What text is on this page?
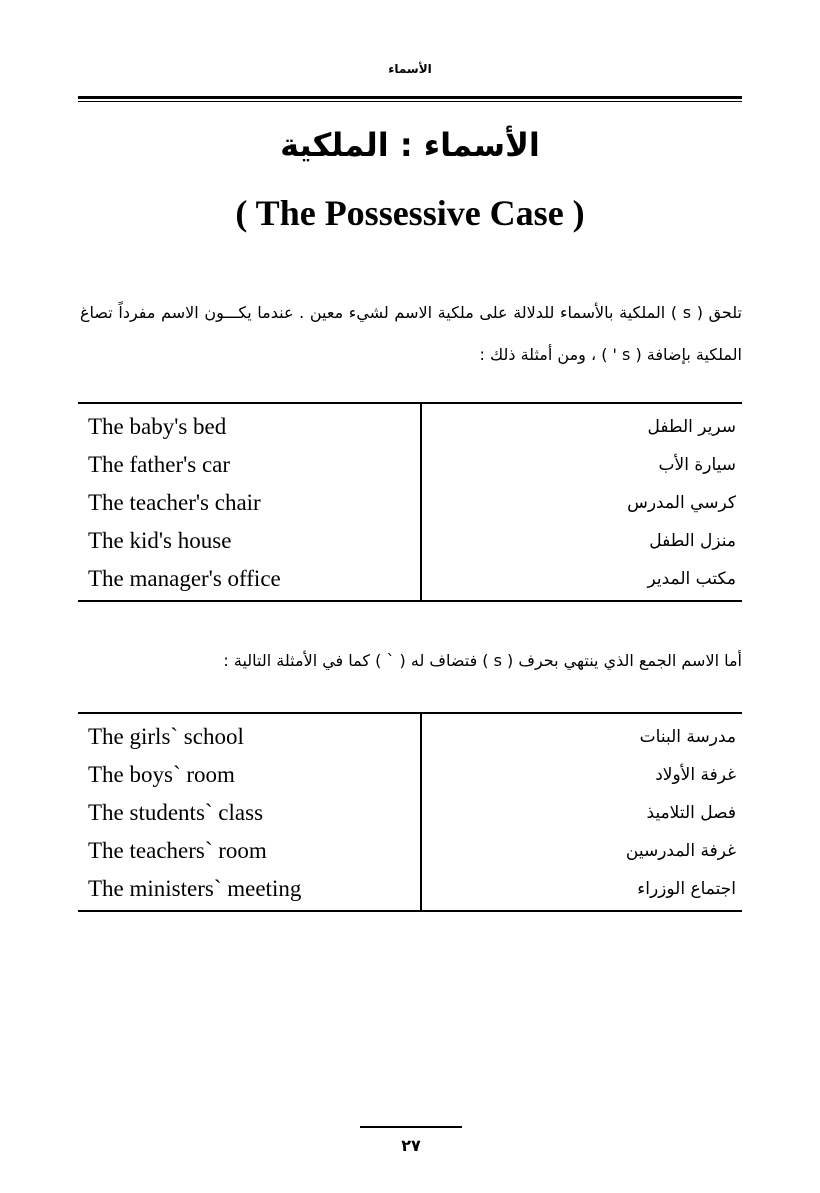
الأسماء
الأسماء : الملكية
( The Possessive Case )
تلحق ( s ) الملكية بالأسماء للدلالة على ملكية الاسم لشيء معين . عندما يكـــون الاسم مفرداً تصاغ الملكية بإضافة ( s ' ) ، ومن أمثلة ذلك :
The baby's bed	سرير الطفل
The father's car	سيارة الأب
The teacher's chair	كرسي المدرس
The kid's house	منزل الطفل
The manager's office	مكتب المدير
أما الاسم الجمع الذي ينتهي بحرف ( s ) فتضاف له ( ` ) كما في الأمثلة التالية :
The girls` school	مدرسة البنات
The boys` room	غرفة الأولاد
The students` class	فصل التلاميذ
The teachers` room	غرفة المدرسين
The ministers` meeting	اجتماع الوزراء
٢٧
